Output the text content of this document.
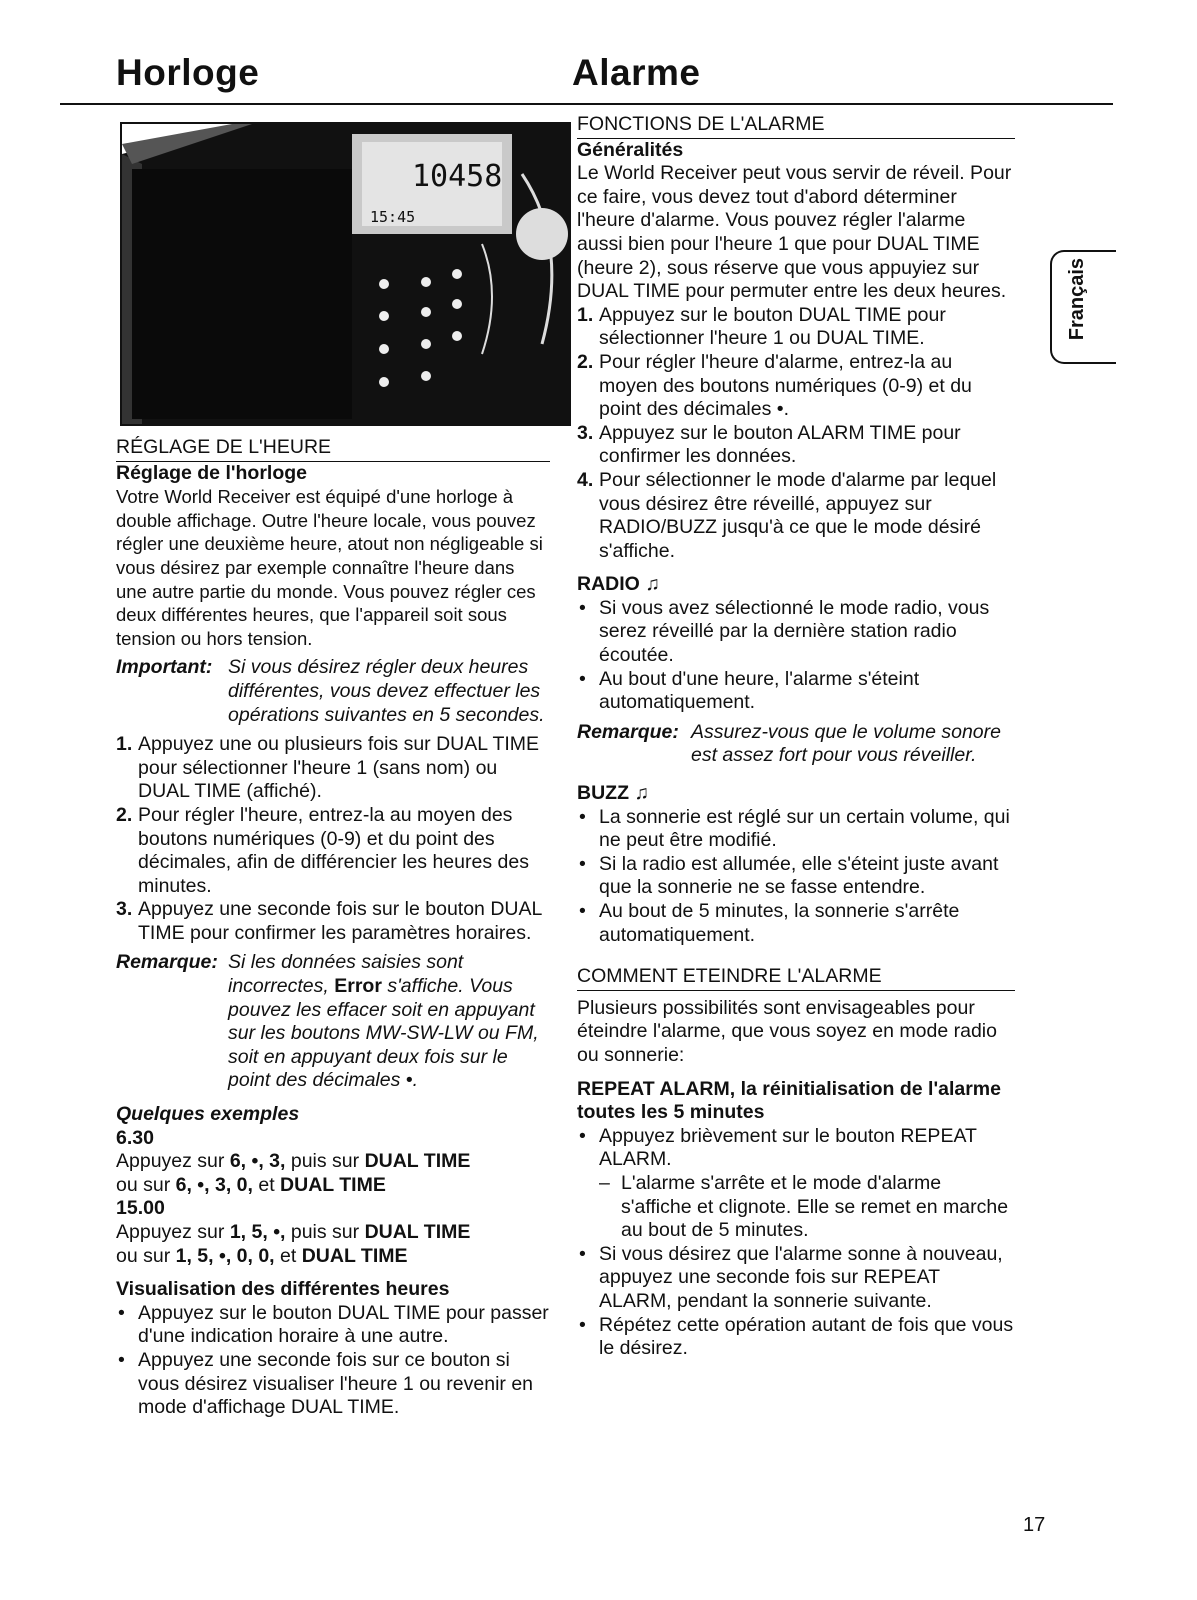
Horloge	Alarme
10458
15:45

RÉGLAGE DE L'HEURE

Réglage de l'horloge

Votre World Receiver est équipé d'une horloge à double affichage. Outre l'heure locale, vous pouvez régler une deuxième heure, atout non négligeable si vous désirez par exemple connaître l'heure dans une autre partie du monde. Vous pouvez régler ces deux différentes heures, que l'appareil soit sous tension ou hors tension.

Important: Si vous désirez régler deux heures différentes, vous devez effectuer les opérations suivantes en 5 secondes.
1. Appuyez une ou plusieurs fois sur DUAL TIME pour sélectionner l'heure 1 (sans nom) ou DUAL TIME (affiché).
2. Pour régler l'heure, entrez-la au moyen des boutons numériques (0-9) et du point des décimales, afin de différencier les heures des minutes.
3. Appuyez une seconde fois sur le bouton DUAL TIME pour confirmer les paramètres horaires.
Remarque: Si les données saisies sont incorrectes, Error s'affiche. Vous pouvez les effacer soit en appuyant sur les boutons MW-SW-LW ou FM, soit en appuyant deux fois sur le point des décimales •.

Quelques exemples

6.30

Appuyez sur 6, •, 3, puis sur DUAL TIME

ou sur 6, •, 3, 0, et DUAL TIME

15.00

Appuyez sur 1, 5, •, puis sur DUAL TIME

ou sur 1, 5, •, 0, 0, et DUAL TIME

Visualisation des différentes heures

• Appuyez sur le bouton DUAL TIME pour passer d'une indication horaire à une autre.
• Appuyez une seconde fois sur ce bouton si vous désirez visualiser l'heure 1 ou revenir en mode d'affichage DUAL TIME.

FONCTIONS DE L'ALARME

Généralités

Le World Receiver peut vous servir de réveil. Pour ce faire, vous devez tout d'abord déterminer l'heure d'alarme. Vous pouvez régler l'alarme aussi bien pour l'heure 1 que pour DUAL TIME (heure 2), sous réserve que vous appuyiez sur DUAL TIME pour permuter entre les deux heures.

1. Appuyez sur le bouton DUAL TIME pour sélectionner l'heure 1 ou DUAL TIME.
2. Pour régler l'heure d'alarme, entrez-la au moyen des boutons numériques (0-9) et du point des décimales •.
3. Appuyez sur le bouton ALARM TIME pour confirmer les données.
4. Pour sélectionner le mode d'alarme par lequel vous désirez être réveillé, appuyez sur RADIO/BUZZ jusqu'à ce que le mode désiré s'affiche.

RADIO ♫

• Si vous avez sélectionné le mode radio, vous serez réveillé par la dernière station radio écoutée.
• Au bout d'une heure, l'alarme s'éteint automatiquement.
Remarque: Assurez-vous que le volume sonore est assez fort pour vous réveiller.

BUZZ ♫

• La sonnerie est réglé sur un certain volume, qui ne peut être modifié.
• Si la radio est allumée, elle s'éteint juste avant que la sonnerie ne se fasse entendre.
• Au bout de 5 minutes, la sonnerie s'arrête automatiquement.

COMMENT ETEINDRE L'ALARME

Plusieurs possibilités sont envisageables pour éteindre l'alarme, que vous soyez en mode radio ou sonnerie:

REPEAT ALARM, la réinitialisation de l'alarme toutes les 5 minutes

• Appuyez brièvement sur le bouton REPEAT ALARM.
– L'alarme s'arrête et le mode d'alarme s'affiche et clignote. Elle se remet en marche au bout de 5 minutes.
• Si vous désirez que l'alarme sonne à nouveau, appuyez une seconde fois sur REPEAT ALARM, pendant la sonnerie suivante.
• Répétez cette opération autant de fois que vous le désirez.
Français
17
